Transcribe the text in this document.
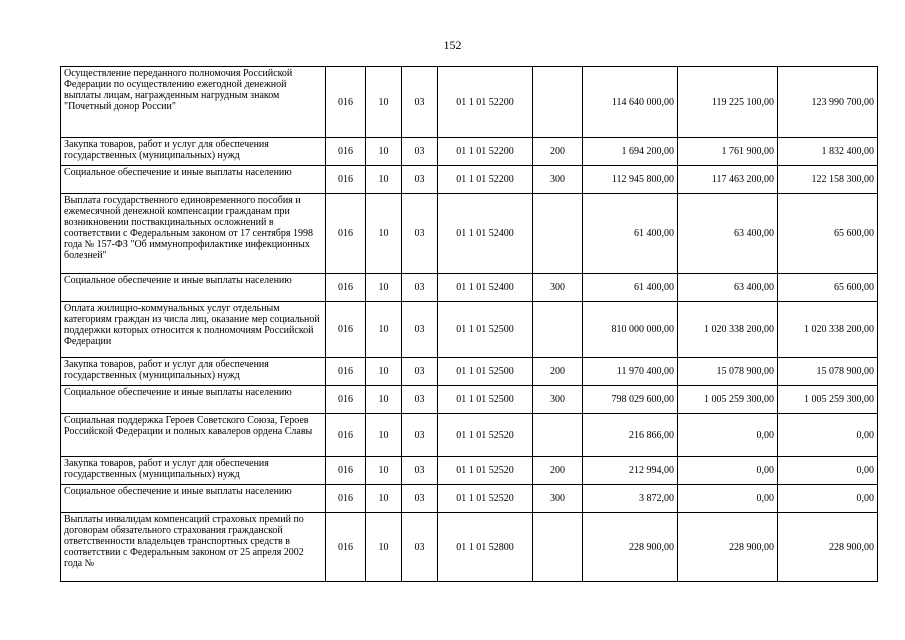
152
Осуществление переданного полномочия Российской Федерации по осуществлению ежегодной денежной выплаты лицам, награжденным нагрудным знаком "Почетный донор России"	016	10	03	01 1 01 52200		114 640 000,00	119 225 100,00	123 990 700,00
Закупка товаров, работ и услуг для обеспечения государственных (муниципальных) нужд	016	10	03	01 1 01 52200	200	1 694 200,00	1 761 900,00	1 832 400,00
Социальное обеспечение и иные выплаты населению	016	10	03	01 1 01 52200	300	112 945 800,00	117 463 200,00	122 158 300,00
Выплата государственного единовременного пособия и ежемесячной денежной компенсации гражданам при возникновении поствакцинальных осложнений в соответствии с Федеральным законом от 17 сентября 1998 года № 157-ФЗ "Об иммунопрофилактике инфекционных болезней"	016	10	03	01 1 01 52400		61 400,00	63 400,00	65 600,00
Социальное обеспечение и иные выплаты населению	016	10	03	01 1 01 52400	300	61 400,00	63 400,00	65 600,00
Оплата жилищно-коммунальных услуг отдельным категориям граждан из числа лиц, оказание мер социальной поддержки которых относится к полномочиям Российской Федерации	016	10	03	01 1 01 52500		810 000 000,00	1 020 338 200,00	1 020 338 200,00
Закупка товаров, работ и услуг для обеспечения государственных (муниципальных) нужд	016	10	03	01 1 01 52500	200	11 970 400,00	15 078 900,00	15 078 900,00
Социальное обеспечение и иные выплаты населению	016	10	03	01 1 01 52500	300	798 029 600,00	1 005 259 300,00	1 005 259 300,00
Социальная поддержка Героев Советского Союза, Героев Российской Федерации и полных кавалеров ордена Славы	016	10	03	01 1 01 52520		216 866,00	0,00	0,00
Закупка товаров, работ и услуг для обеспечения государственных (муниципальных) нужд	016	10	03	01 1 01 52520	200	212 994,00	0,00	0,00
Социальное обеспечение и иные выплаты населению	016	10	03	01 1 01 52520	300	3 872,00	0,00	0,00
Выплаты инвалидам компенсаций страховых премий по договорам обязательного страхования гражданской ответственности владельцев транспортных средств в соответствии с Федеральным законом от 25 апреля 2002 года №	016	10	03	01 1 01 52800		228 900,00	228 900,00	228 900,00
